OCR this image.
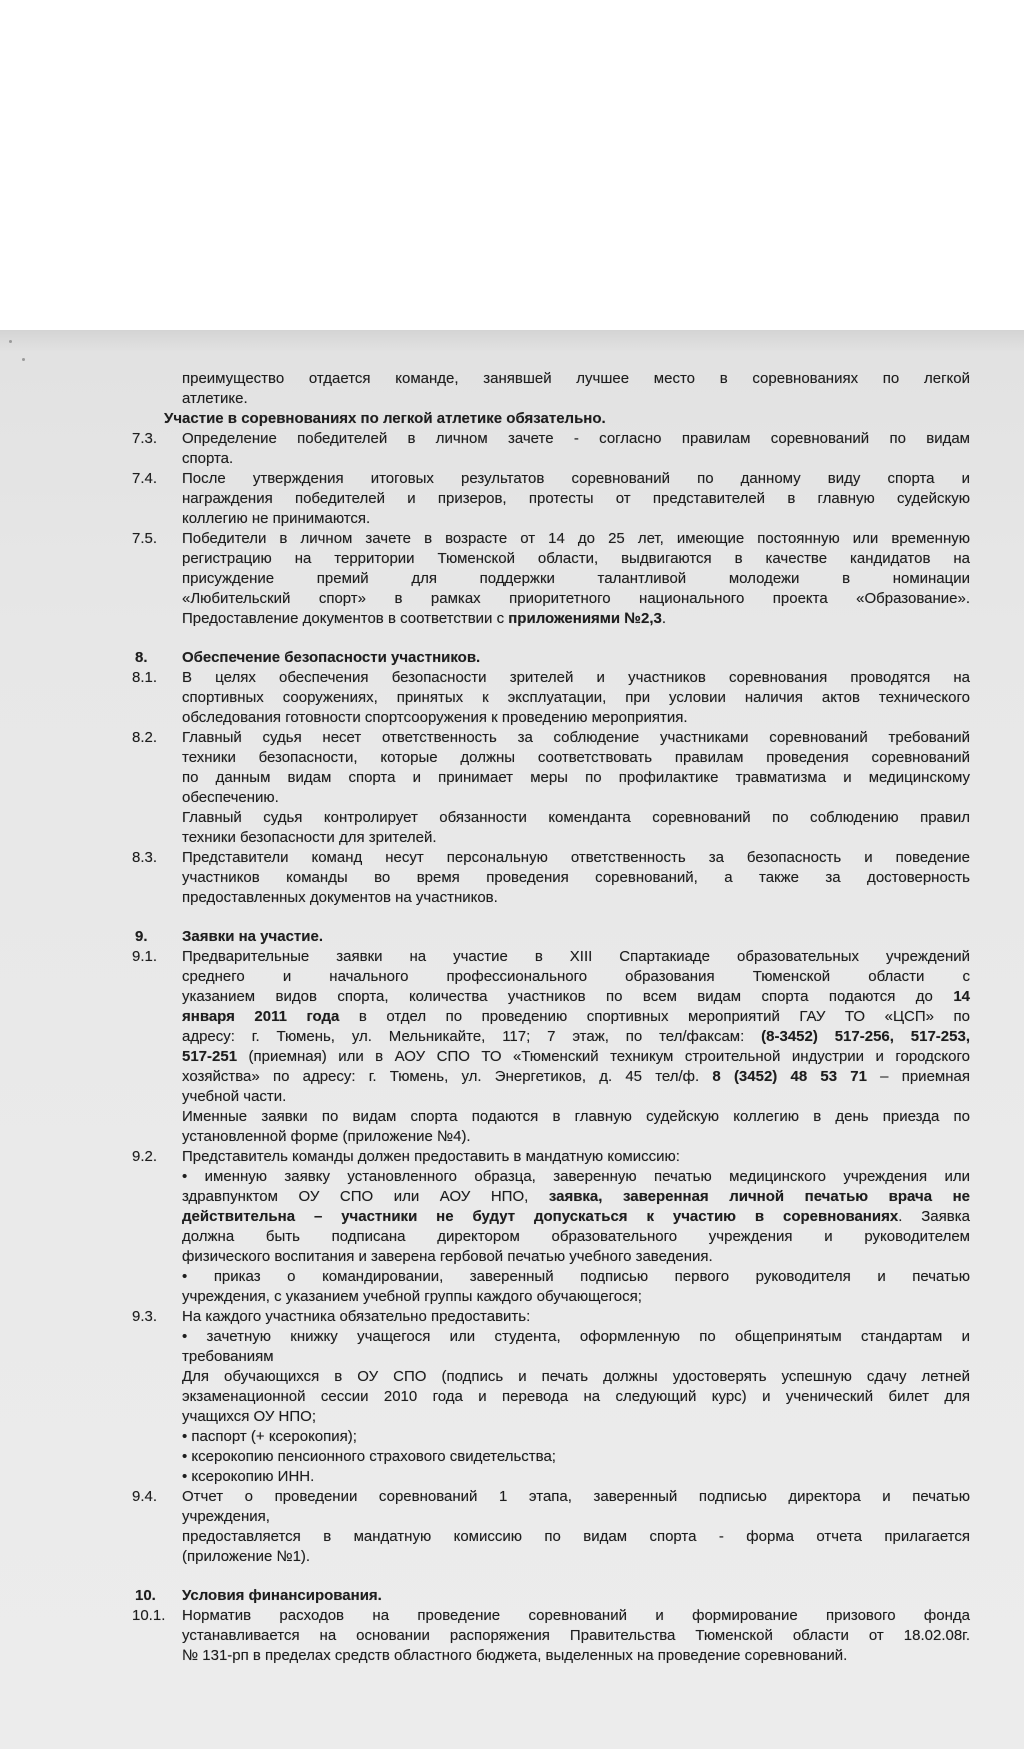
преимущество отдается команде, занявшей лучшее место в соревнованиях по легкой
атлетике.
Участие в соревнованиях по легкой атлетике обязательно.
7.3. Определение победителей в личном зачете - согласно правилам соревнований по видам
спорта.
7.4. После утверждения итоговых результатов соревнований по данному виду спорта и
награждения победителей и призеров, протесты от представителей в главную судейскую
коллегию не принимаются.
7.5. Победители в личном зачете в возрасте от 14 до 25 лет, имеющие постоянную или временную
регистрацию на территории Тюменской области, выдвигаются в качестве кандидатов на
присуждение премий для поддержки талантливой молодежи в номинации
«Любительский спорт» в рамках приоритетного национального проекта «Образование».
Предоставление документов в соответствии с приложениями №2,3.
8. Обеспечение безопасности участников.
8.1. В целях обеспечения безопасности зрителей и участников соревнования проводятся на
спортивных сооружениях, принятых к эксплуатации, при условии наличия актов технического
обследования готовности спортсооружения к проведению мероприятия.
8.2. Главный судья несет ответственность за соблюдение участниками соревнований требований
техники безопасности, которые должны соответствовать правилам проведения соревнований
по данным видам спорта и принимает меры по профилактике травматизма и медицинскому
обеспечению.
Главный судья контролирует обязанности коменданта соревнований по соблюдению правил
техники безопасности для зрителей.
8.3. Представители команд несут персональную ответственность за безопасность и поведение
участников команды во время проведения соревнований, а также за достоверность
предоставленных документов на участников.
9. Заявки на участие.
9.1. Предварительные заявки на участие в XIII Спартакиаде образовательных учреждений
среднего и начального профессионального образования Тюменской области с
указанием видов спорта, количества участников по всем видам спорта подаются до 14
января 2011 года в отдел по проведению спортивных мероприятий ГАУ ТО «ЦСП» по
адресу: г. Тюмень, ул. Мельникайте, 117; 7 этаж, по тел/факсам: (8-3452) 517-256, 517-253,
517-251 (приемная) или в АОУ СПО ТО «Тюменский техникум строительной индустрии и городского
хозяйства» по адресу: г. Тюмень, ул. Энергетиков, д. 45 тел/ф. 8 (3452) 48 53 71 – приемная
учебной части.
Именные заявки по видам спорта подаются в главную судейскую коллегию в день приезда по
установленной форме (приложение №4).
9.2. Представитель команды должен предоставить в мандатную комиссию:
• именную заявку установленного образца, заверенную печатью медицинского учреждения или
здравпунктом ОУ СПО или АОУ НПО, заявка, заверенная личной печатью врача не
действительна – участники не будут допускаться к участию в соревнованиях. Заявка
должна быть подписана директором образовательного учреждения и руководителем
физического воспитания и заверена гербовой печатью учебного заведения.
• приказ о командировании, заверенный подписью первого руководителя и печатью
учреждения, с указанием учебной группы каждого обучающегося;
9.3. На каждого участника обязательно предоставить:
• зачетную книжку учащегося или студента, оформленную по общепринятым стандартам и
требованиям
Для обучающихся в ОУ СПО (подпись и печать должны удостоверять успешную сдачу летней
экзаменационной сессии 2010 года и перевода на следующий курс) и ученический билет для
учащихся ОУ НПО;
• паспорт (+ ксерокопия);
• ксерокопию пенсионного страхового свидетельства;
• ксерокопию ИНН.
9.4. Отчет о проведении соревнований 1 этапа, заверенный подписью директора и печатью
учреждения,
предоставляется в мандатную комиссию по видам спорта - форма отчета прилагается
(приложение №1).
10. Условия финансирования.
10.1. Норматив расходов на проведение соревнований и формирование призового фонда
устанавливается на основании распоряжения Правительства Тюменской области от 18.02.08г.
№ 131-рп в пределах средств областного бюджета, выделенных на проведение соревнований.
